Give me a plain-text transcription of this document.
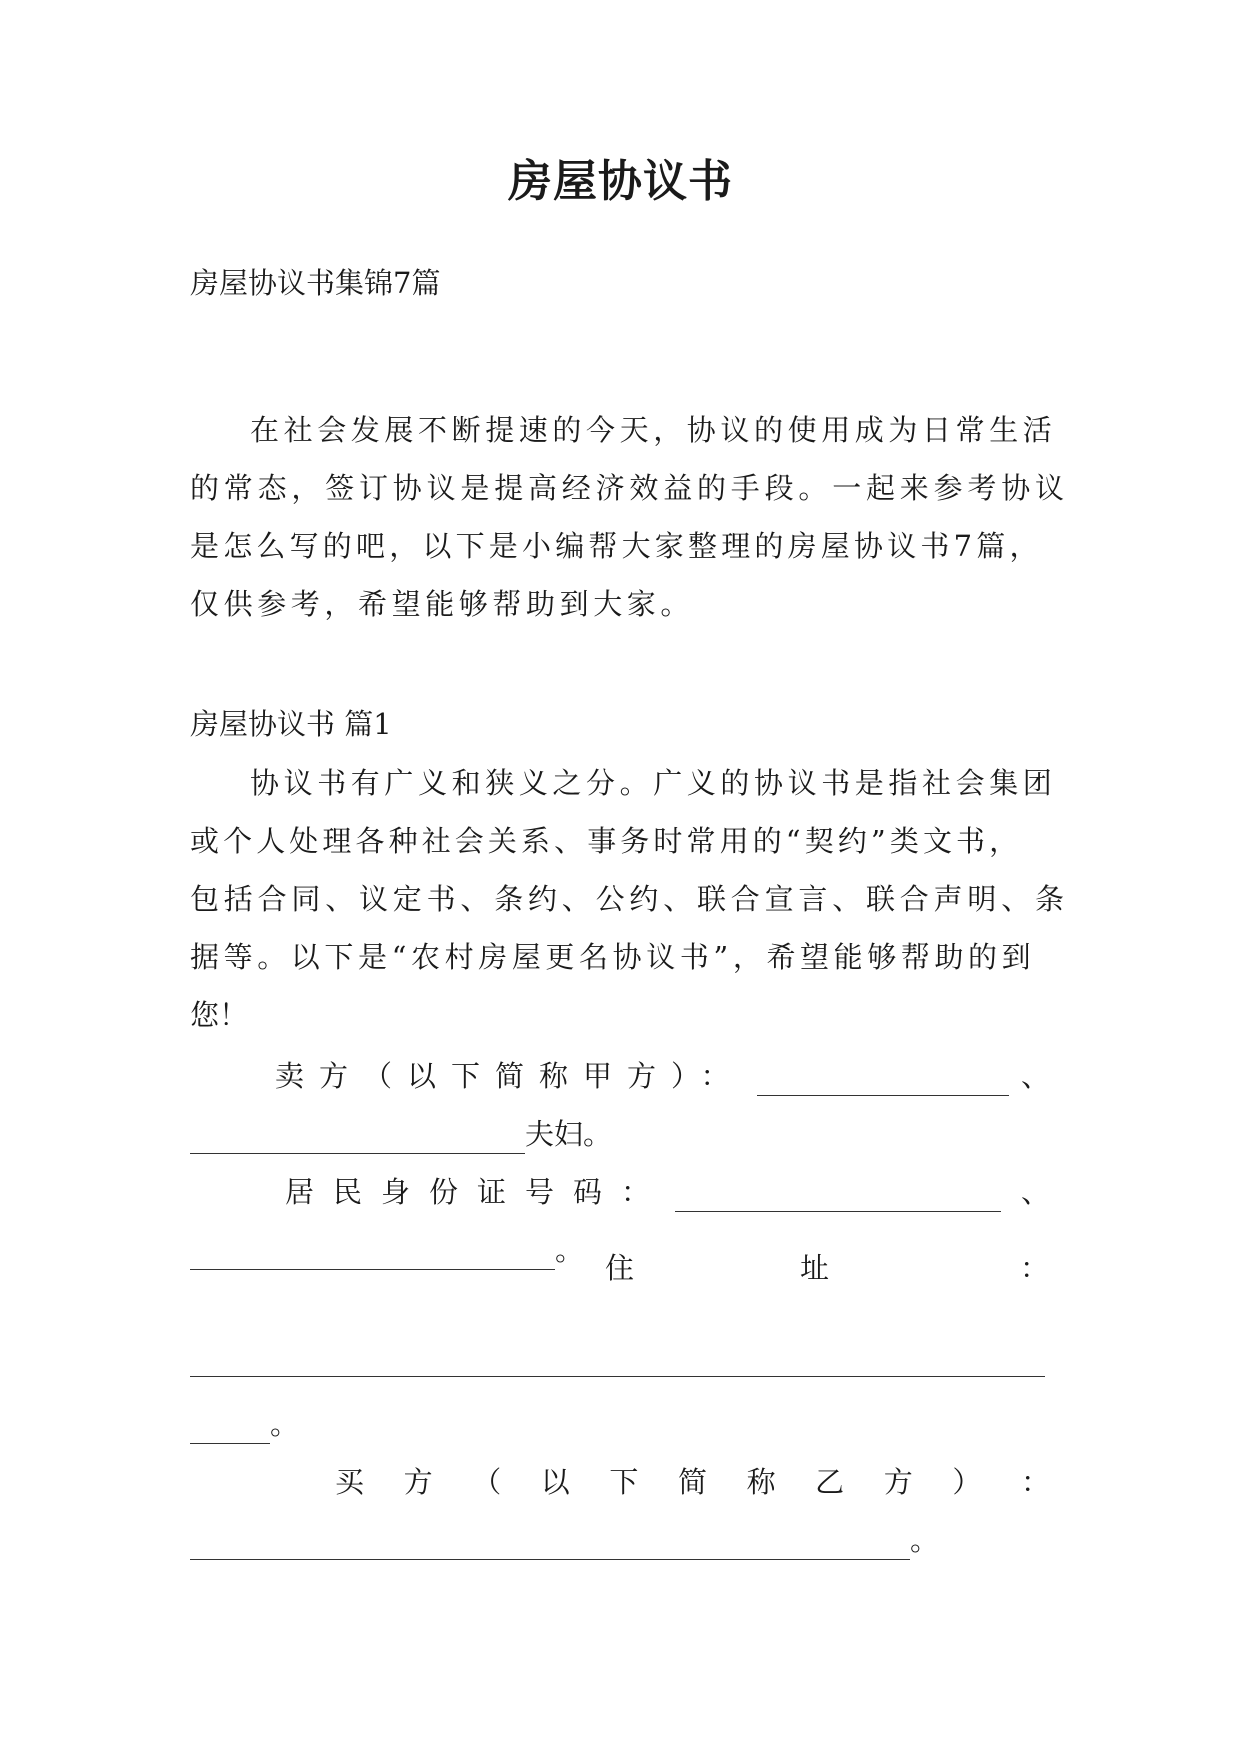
房屋协议书
房屋协议书集锦7篇
在社会发展不断提速的今天，协议的使用成为日常生活
的常态，签订协议是提高经济效益的手段。一起来参考协议
是怎么写的吧，以下是小编帮大家整理的房屋协议书7篇，
仅供参考，希望能够帮助到大家。
房屋协议书 篇1
协议书有广义和狭义之分。广义的协议书是指社会集团
或个人处理各种社会关系、事务时常用的“契约”类文书，
包括合同、议定书、条约、公约、联合宣言、联合声明、条
据等。以下是“农村房屋更名协议书”，希望能够帮助的到
您！
卖方（以下简称甲方）：	、
夫妇。
居民身份证号码：	、
。
住	址	：
。
买 方 （ 以 下 简 称 乙 方 ） ：
。
